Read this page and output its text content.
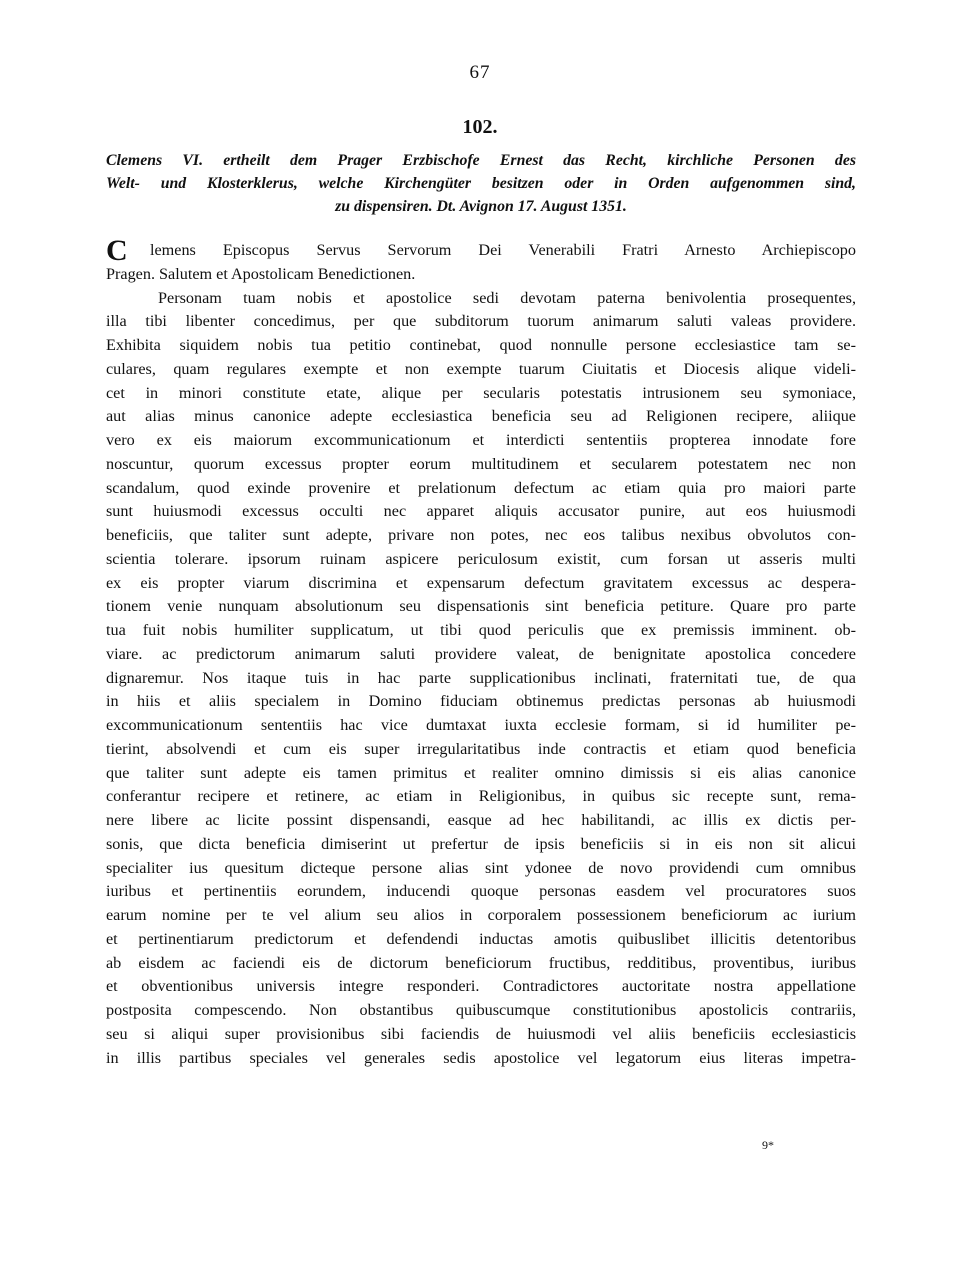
67
102.
Clemens VI. ertheilt dem Prager Erzbischofe Ernest das Recht, kirchliche Personen des
Welt- und Klosterklerus, welche Kirchengüter besitzen oder in Orden aufgenommen sind,
zu dispensiren. Dt. Avignon 17. August 1351.
C lemens Episcopus Servus Servorum Dei Venerabili Fratri Arnesto Archiepiscopo
Pragen. Salutem et Apostolicam Benedictionen.
Personam tuam nobis et apostolice sedi devotam paterna benivolentia prosequentes,
illa tibi libenter concedimus, per que subditorum tuorum animarum saluti valeas providere.
Exhibita siquidem nobis tua petitio continebat, quod nonnulle persone ecclesiastice tam se-
culares, quam regulares exempte et non exempte tuarum Ciuitatis et Diocesis alique videli-
cet in minori constitute etate, alique per secularis potestatis intrusionem seu symoniace,
aut alias minus canonice adepte ecclesiastica beneficia seu ad Religionen recipere, aliique
vero ex eis maiorum excommunicationum et interdicti sententiis propterea innodate fore
noscuntur, quorum excessus propter eorum multitudinem et secularem potestatem nec non
scandalum, quod exinde provenire et prelationum defectum ac etiam quia pro maiori parte
sunt huiusmodi excessus occulti nec apparet aliquis accusator punire, aut eos huiusmodi
beneficiis, que taliter sunt adepte, privare non potes, nec eos talibus nexibus obvolutos con-
scientia tolerare. ipsorum ruinam aspicere periculosum existit, cum forsan ut asseris multi
ex eis propter viarum discrimina et expensarum defectum gravitatem excessus ac despera-
tionem venie nunquam absolutionum seu dispensationis sint beneficia petiture. Quare pro parte
tua fuit nobis humiliter supplicatum, ut tibi quod periculis que ex premissis imminent. ob-
viare. ac predictorum animarum saluti providere valeat, de benignitate apostolica concedere
dignaremur. Nos itaque tuis in hac parte supplicationibus inclinati, fraternitati tue, de qua
in hiis et aliis specialem in Domino fiduciam obtinemus predictas personas ab huiusmodi
excommunicationum sententiis hac vice dumtaxat iuxta ecclesie formam, si id humiliter pe-
tierint, absolvendi et cum eis super irregularitatibus inde contractis et etiam quod beneficia
que taliter sunt adepte eis tamen primitus et realiter omnino dimissis si eis alias canonice
conferantur recipere et retinere, ac etiam in Religionibus, in quibus sic recepte sunt, rema-
nere libere ac licite possint dispensandi, easque ad hec habilitandi, ac illis ex dictis per-
sonis, que dicta beneficia dimiserint ut prefertur de ipsis beneficiis si in eis non sit alicui
specialiter ius quesitum dicteque persone alias sint ydonee de novo providendi cum omnibus
iuribus et pertinentiis eorundem, inducendi quoque personas easdem vel procuratores suos
earum nomine per te vel alium seu alios in corporalem possessionem beneficiorum ac iurium
et pertinentiarum predictorum et defendendi inductas amotis quibuslibet illicitis detentoribus
ab eisdem ac faciendi eis de dictorum beneficiorum fructibus, redditibus, proventibus, iuribus
et obventionibus universis integre responderi. Contradictores auctoritate nostra appellatione
postposita compescendo. Non obstantibus quibuscumque constitutionibus apostolicis contrariis,
seu si aliqui super provisionibus sibi faciendis de huiusmodi vel aliis beneficiis ecclesiasticis
in illis partibus speciales vel generales sedis apostolice vel legatorum eius literas impetra-
9*
